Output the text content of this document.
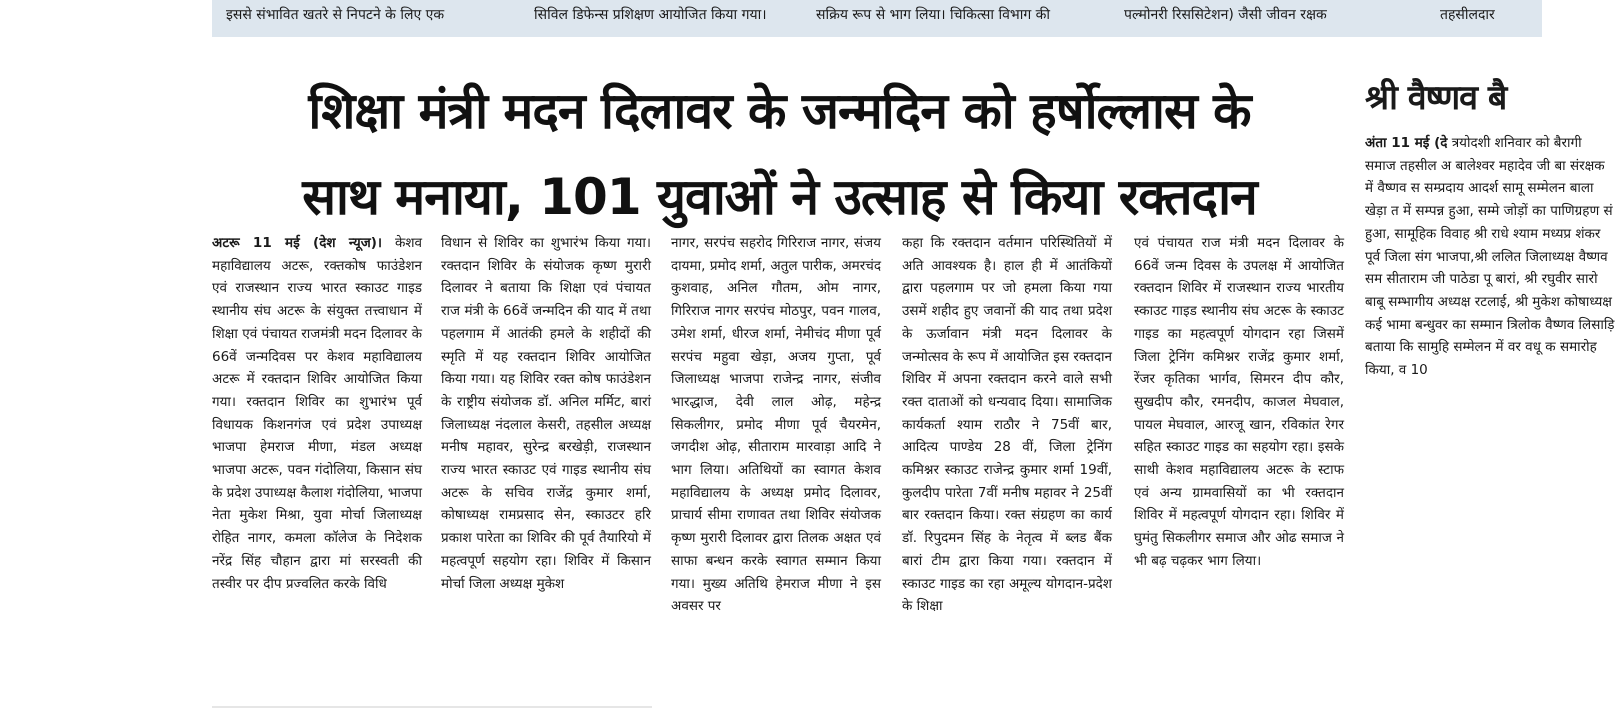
इससे संभावित खतरे से निपटने के लिए एक	सिविल डिफेन्स प्रशिक्षण आयोजित किया गया।	सक्रिय रूप से भाग लिया। चिकित्सा विभाग की	पल्मोनरी रिससिटेशन) जैसी जीवन रक्षक	तहसीलदार
शिक्षा मंत्री मदन दिलावर के जन्मदिन को हर्षोल्लास के
साथ मनाया, 101 युवाओं ने उत्साह से किया रक्तदान
अटरू 11 मई (देश न्यूज)। केशव महाविद्यालय अटरू, रक्तकोष फाउंडेशन एवं राजस्थान राज्य भारत स्काउट गाइड स्थानीय संघ अटरू के संयुक्त तत्त्वाधान में शिक्षा एवं पंचायत राजमंत्री मदन दिलावर के 66वें जन्मदिवस पर केशव महाविद्यालय अटरू में रक्तदान शिविर आयोजित किया गया। रक्तदान शिविर का शुभारंभ पूर्व विधायक किशनगंज एवं प्रदेश उपाध्यक्ष भाजपा हेमराज मीणा, मंडल अध्यक्ष भाजपा अटरू, पवन गंदोलिया, किसान संघ के प्रदेश उपाध्यक्ष कैलाश गंदोलिया, भाजपा नेता मुकेश मिश्रा, युवा मोर्चा जिलाध्यक्ष रोहित नागर, कमला कॉलेज के निदेशक नरेंद्र सिंह चौहान द्वारा मां सरस्वती की तस्वीर पर दीप प्रज्वलित करके विधि
विधान से शिविर का शुभारंभ किया गया। रक्तदान शिविर के संयोजक कृष्ण मुरारी दिलावर ने बताया कि शिक्षा एवं पंचायत राज मंत्री के 66वें जन्मदिन की याद में तथा पहलगाम में आतंकी हमले के शहीदों की स्मृति में यह रक्तदान शिविर आयोजित किया गया। यह शिविर रक्त कोष फाउंडेशन के राष्ट्रीय संयोजक डॉ. अनिल मर्मिट, बारां जिलाध्यक्ष नंदलाल केसरी, तहसील अध्यक्ष मनीष महावर, सुरेन्द्र बरखेड़ी, राजस्थान राज्य भारत स्काउट एवं गाइड स्थानीय संघ अटरू के सचिव राजेंद्र कुमार शर्मा, कोषाध्यक्ष रामप्रसाद सेन, स्काउटर हरि प्रकाश पारेता का शिविर की पूर्व तैयारियो में महत्वपूर्ण सहयोग रहा। शिविर में किसान मोर्चा जिला अध्यक्ष मुकेश
नागर, सरपंच सहरोद गिरिराज नागर, संजय दायमा, प्रमोद शर्मा, अतुल पारीक, अमरचंद कुशवाह, अनिल गौतम, ओम नागर, गिरिराज नागर सरपंच मोठपुर, पवन गालव, उमेश शर्मा, धीरज शर्मा, नेमीचंद मीणा पूर्व सरपंच महुवा खेड़ा, अजय गुप्ता, पूर्व जिलाध्यक्ष भाजपा राजेन्द्र नागर, संजीव भारद्धाज, देवी लाल ओढ़, महेन्द्र सिकलीगर, प्रमोद मीणा पूर्व चैयरमेन, जगदीश ओढ़, सीताराम मारवाड़ा आदि ने भाग लिया। अतिथियों का स्वागत केशव महाविद्यालय के अध्यक्ष प्रमोद दिलावर, प्राचार्य सीमा राणावत तथा शिविर संयोजक कृष्ण मुरारी दिलावर द्वारा तिलक अक्षत एवं साफा बन्धन करके स्वागत सम्मान किया गया। मुख्य अतिथि हेमराज मीणा ने इस अवसर पर
कहा कि रक्तदान वर्तमान परिस्थितियों में अति आवश्यक है। हाल ही में आतंकियों द्वारा पहलगाम पर जो हमला किया गया उसमें शहीद हुए जवानों की याद तथा प्रदेश के ऊर्जावान मंत्री मदन दिलावर के जन्मोत्सव के रूप में आयोजित इस रक्तदान शिविर में अपना रक्तदान करने वाले सभी रक्त दाताओं को धन्यवाद दिया। सामाजिक कार्यकर्ता श्याम राठौर ने 75वीं बार, आदित्य पाण्डेय 28 वीं, जिला ट्रेनिंग कमिश्नर स्काउट राजेन्द्र कुमार शर्मा 19वीं, कुलदीप पारेता 7वीं मनीष महावर ने 25वीं बार रक्तदान किया। रक्त संग्रहण का कार्य डॉ. रिपुदमन सिंह के नेतृत्व में ब्लड बैंक बारां टीम द्वारा किया गया। रक्तदान में स्काउट गाइड का रहा अमूल्य योगदान-प्रदेश के शिक्षा
एवं पंचायत राज मंत्री मदन दिलावर के 66वें जन्म दिवस के उपलक्ष में आयोजित रक्तदान शिविर में राजस्थान राज्य भारतीय स्काउट गाइड स्थानीय संघ अटरू के स्काउट गाइड का महत्वपूर्ण योगदान रहा जिसमें जिला ट्रेनिंग कमिश्नर राजेंद्र कुमार शर्मा, रेंजर कृतिका भार्गव, सिमरन दीप कौर, सुखदीप कौर, रमनदीप, काजल मेघवाल, पायल मेघवाल, आरजू खान, रविकांत रेगर सहित स्काउट गाइड का सहयोग रहा। इसके साथी केशव महाविद्यालय अटरू के स्टाफ एवं अन्य ग्रामवासियों का भी रक्तदान शिविर में महत्वपूर्ण योगदान रहा। शिविर में घुमंतु सिकलीगर समाज और ओढ समाज ने भी बढ़ चढ़कर भाग लिया।
श्री वैष्णव बै
अंता 11 मई (दे त्रयोदशी शनिवार को बैरागी समाज तहसील अ बालेश्वर महादेव जी बा संरक्षक में वैष्णव स सम्प्रदाय आदर्श सामू सम्मेलन बाला खेड़ा त में सम्पन्न हुआ, सम्मे जोड़ों का पाणिग्रहण सं हुआ, सामूहिक विवाह श्री राधे श्याम मध्यप्र शंकर पूर्व जिला संग भाजपा,श्री ललित जिलाध्यक्ष वैष्णव सम सीताराम जी पाठेडा पू बारां, श्री रघुवीर सारो बाबू सम्भागीय अध्यक्ष रटलाई, श्री मुकेश कोषाध्यक्ष कई भामा बन्धुवर का सम्मान त्रिलोक वैष्णव लिसाड़ि बताया कि सामुहि सम्मेलन में वर वधू क समारोह किया, व 10
